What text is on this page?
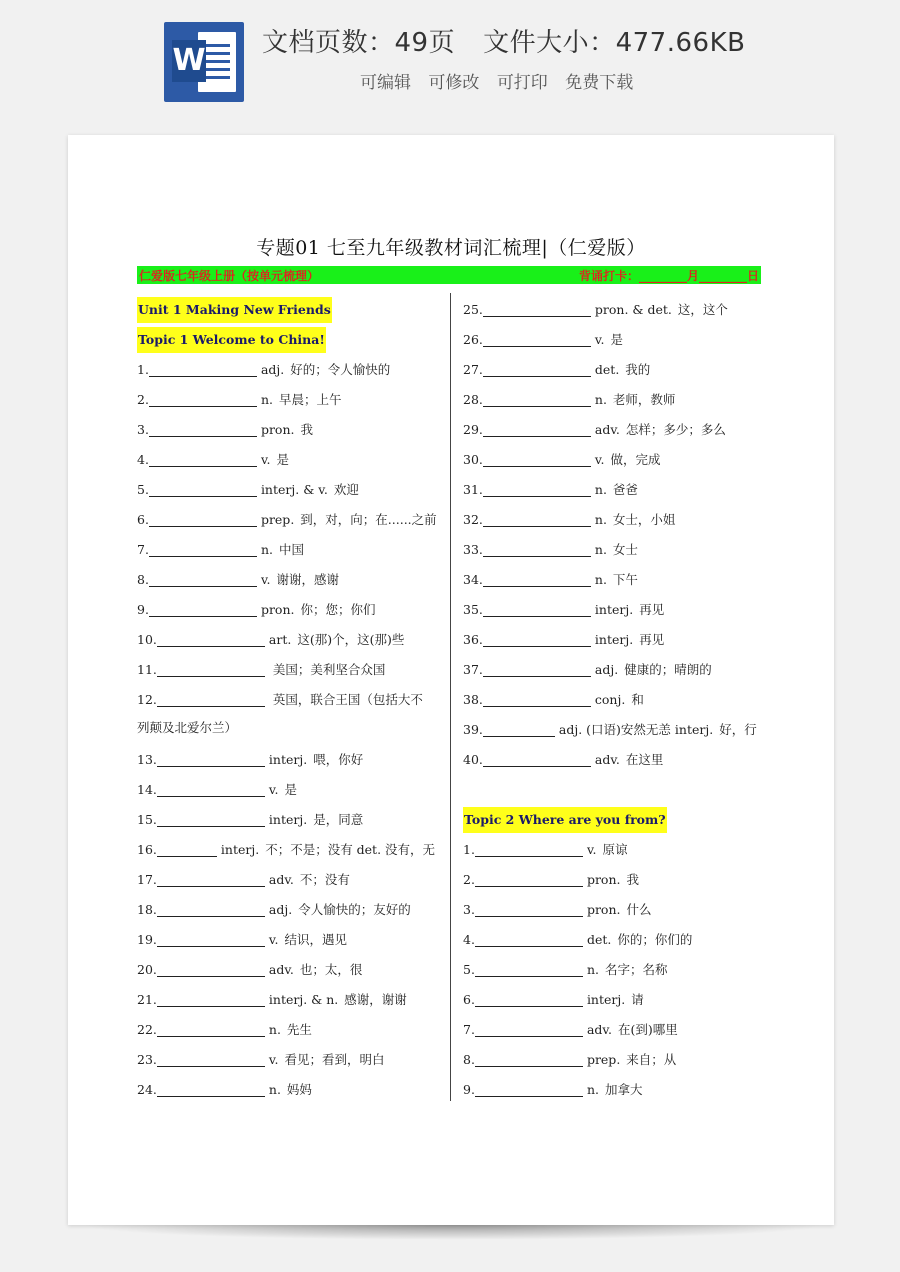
W 文档页数：49页 文件大小：477.66KB
可编辑 可修改 可打印 免费下载
专题01 七至九年级教材词汇梳理|（仁爱版）
仁爱版七年级上册（按单元梳理）	背诵打卡：________月________日
Unit 1 Making New Friends
Topic 1 Welcome to China!
1.	adj. 好的；令人愉快的
2.	n. 早晨；上午
3.	pron. 我
4.	v. 是
5.	interj. & v. 欢迎
6.	prep. 到，对，向；在......之前
7.	n. 中国
8.	v. 谢谢，感谢
9.	pron. 你；您；你们
10.	art. 这(那)个，这(那)些
11.	美国；美利坚合众国
12.	英国，联合王国（包括大不
列颠及北爱尔兰）
13.	interj. 喂，你好
14.	v. 是
15.	interj. 是，同意
16.	interj. 不；不是；没有 det. 没有，无
17.	adv. 不；没有
18.	adj. 令人愉快的；友好的
19.	v. 结识，遇见
20.	adv. 也；太，很
21.	interj. & n. 感谢，谢谢
22.	n. 先生
23.	v. 看见；看到，明白
24.	n. 妈妈
25.	pron. & det. 这，这个
26.	v. 是
27.	det. 我的
28.	n. 老师，教师
29.	adv. 怎样；多少；多么
30.	v. 做，完成
31.	n. 爸爸
32.	n. 女士，小姐
33.	n. 女士
34.	n. 下午
35.	interj. 再见
36.	interj. 再见
37.	adj. 健康的；晴朗的
38.	conj. 和
39.	adj. (口语)安然无恙 interj. 好，行
40.	adv. 在这里
Topic 2 Where are you from?
1.	v. 原谅
2.	pron. 我
3.	pron. 什么
4.	det. 你的；你们的
5.	n. 名字；名称
6.	interj. 请
7.	adv. 在(到)哪里
8.	prep. 来自；从
9.	n. 加拿大
